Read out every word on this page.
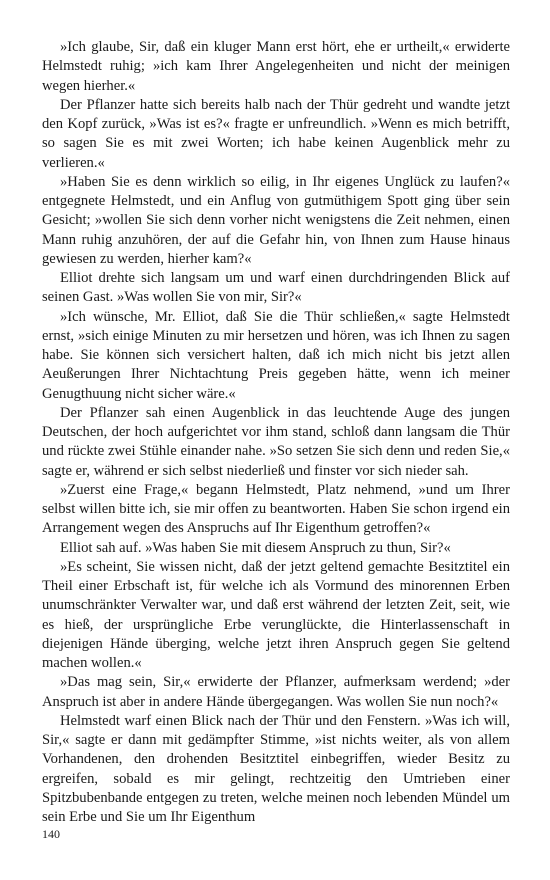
»Ich glaube, Sir, daß ein kluger Mann erst hört, ehe er urtheilt,« erwiderte Helmstedt ruhig; »ich kam Ihrer Angelegenheiten und nicht der meinigen wegen hierher.«

Der Pflanzer hatte sich bereits halb nach der Thür gedreht und wandte jetzt den Kopf zurück, »Was ist es?« fragte er unfreundlich. »Wenn es mich betrifft, so sagen Sie es mit zwei Worten; ich habe keinen Augenblick mehr zu verlieren.«

»Haben Sie es denn wirklich so eilig, in Ihr eigenes Unglück zu laufen?« entgegnete Helmstedt, und ein Anflug von gutmüthigem Spott ging über sein Gesicht; »wollen Sie sich denn vorher nicht wenigstens die Zeit nehmen, einen Mann ruhig anzuhören, der auf die Gefahr hin, von Ihnen zum Hause hinaus gewiesen zu werden, hierher kam?«

Elliot drehte sich langsam um und warf einen durchdringenden Blick auf seinen Gast. »Was wollen Sie von mir, Sir?«

»Ich wünsche, Mr. Elliot, daß Sie die Thür schließen,« sagte Helmstedt ernst, »sich einige Minuten zu mir hersetzen und hören, was ich Ihnen zu sagen habe. Sie können sich versichert halten, daß ich mich nicht bis jetzt allen Aeußerungen Ihrer Nichtachtung Preis gegeben hätte, wenn ich meiner Genugthuung nicht sicher wäre.«

Der Pflanzer sah einen Augenblick in das leuchtende Auge des jungen Deutschen, der hoch aufgerichtet vor ihm stand, schloß dann langsam die Thür und rückte zwei Stühle einander nahe. »So setzen Sie sich denn und reden Sie,« sagte er, während er sich selbst niederließ und finster vor sich nieder sah.

»Zuerst eine Frage,« begann Helmstedt, Platz nehmend, »und um Ihrer selbst willen bitte ich, sie mir offen zu beantworten. Haben Sie schon irgend ein Arrangement wegen des Anspruchs auf Ihr Eigenthum getroffen?«

Elliot sah auf. »Was haben Sie mit diesem Anspruch zu thun, Sir?«

»Es scheint, Sie wissen nicht, daß der jetzt geltend gemachte Besitztitel ein Theil einer Erbschaft ist, für welche ich als Vormund des minorennen Erben unumschränkter Verwalter war, und daß erst während der letzten Zeit, seit, wie es hieß, der ursprüngliche Erbe verunglückte, die Hinterlassenschaft in diejenigen Hände überging, welche jetzt ihren Anspruch gegen Sie geltend machen wollen.«

»Das mag sein, Sir,« erwiderte der Pflanzer, aufmerksam werdend; »der Anspruch ist aber in andere Hände übergegangen. Was wollen Sie nun noch?«

Helmstedt warf einen Blick nach der Thür und den Fenstern. »Was ich will, Sir,« sagte er dann mit gedämpfter Stimme, »ist nichts weiter, als von allem Vorhandenen, den drohenden Besitztitel einbegriffen, wieder Besitz zu ergreifen, sobald es mir gelingt, rechtzeitig den Umtrieben einer Spitzbubenbande entgegen zu treten, welche meinen noch lebenden Mündel um sein Erbe und Sie um Ihr Eigenthum

140
